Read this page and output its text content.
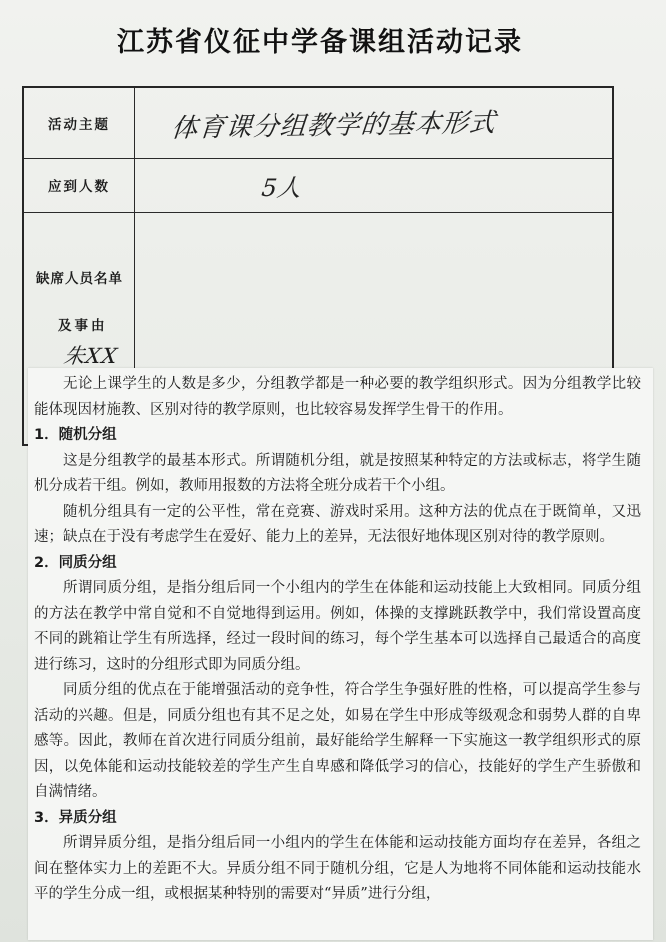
江苏省仪征中学备课组活动记录
活动主题	体育课分组教学的基本形式
应到人数	5人
缺席人员名单
及事由
朱XX

无论上课学生的人数是多少，分组教学都是一种必要的教学组织形式。因为分组教学比较能体现因材施教、区别对待的教学原则，也比较容易发挥学生骨干的作用。

1．随机分组

这是分组教学的最基本形式。所谓随机分组，就是按照某种特定的方法或标志，将学生随机分成若干组。例如，教师用报数的方法将全班分成若干个小组。

随机分组具有一定的公平性，常在竞赛、游戏时采用。这种方法的优点在于既简单，又迅速；缺点在于没有考虑学生在爱好、能力上的差异，无法很好地体现区别对待的教学原则。

2．同质分组

所谓同质分组，是指分组后同一个小组内的学生在体能和运动技能上大致相同。同质分组的方法在教学中常自觉和不自觉地得到运用。例如，体操的支撑跳跃教学中，我们常设置高度不同的跳箱让学生有所选择，经过一段时间的练习，每个学生基本可以选择自己最适合的高度进行练习，这时的分组形式即为同质分组。

同质分组的优点在于能增强活动的竞争性，符合学生争强好胜的性格，可以提高学生参与活动的兴趣。但是，同质分组也有其不足之处，如易在学生中形成等级观念和弱势人群的自卑感等。因此，教师在首次进行同质分组前，最好能给学生解释一下实施这一教学组织形式的原因，以免体能和运动技能较差的学生产生自卑感和降低学习的信心，技能好的学生产生骄傲和自满情绪。

3．异质分组

所谓异质分组，是指分组后同一小组内的学生在体能和运动技能方面均存在差异，各组之间在整体实力上的差距不大。异质分组不同于随机分组，它是人为地将不同体能和运动技能水平的学生分成一组，或根据某种特别的需要对“异质”进行分组，
